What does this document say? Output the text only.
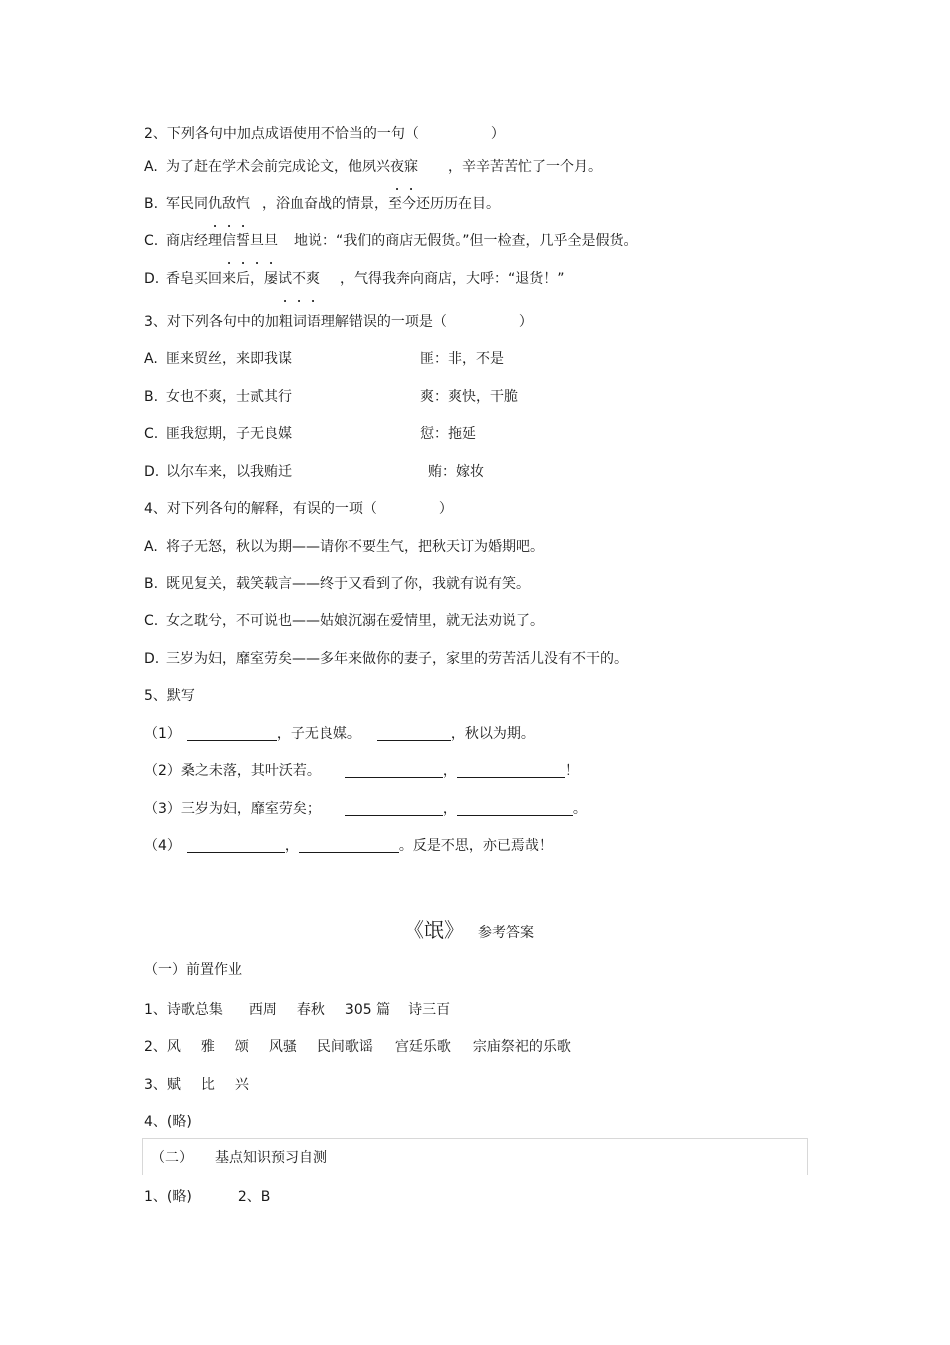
2、下列各句中加点成语使用不恰当的一句（	）
A. 为了赶在学术会前完成论文，他夙兴夜寐 ，辛辛苦苦忙了一个月。
B. 军民同仇敌忾 ，浴血奋战的情景，至今还历历在目。
C. 商店经理信誓旦旦 地说：“我们的商店无假货。”但一检查，几乎全是假货。
D. 香皂买回来后，屡试不爽 ，气得我奔向商店，大呼：“退货！”
3、对下列各句中的加粗词语理解错误的一项是（	）
A. 匪来贸丝，来即我谋	匪：非，不是
B. 女也不爽，士贰其行	爽：爽快，干脆
C. 匪我愆期，子无良媒	愆：拖延
D. 以尔车来，以我贿迁	贿：嫁妆
4、对下列各句的解释，有误的一项（	）
A. 将子无怒，秋以为期——请你不要生气，把秋天订为婚期吧。
B. 既见复关，载笑载言——终于又看到了你，我就有说有笑。
C. 女之耽兮，不可说也——姑娘沉溺在爱情里，就无法劝说了。
D. 三岁为妇，靡室劳矣——多年来做你的妻子，家里的劳苦活儿没有不干的。
5、默写
（1）	，子无良媒。	，秋以为期。
（2）桑之未落，其叶沃若。	，	！
（3）三岁为妇，靡室劳矣；	，	。
（4）	，	。反是不思，亦已焉哉！
《氓》 参考答案
（一）前置作业
1、诗歌总集 西周 春秋 305 篇 诗三百
2、风 雅 颂 风骚 民间歌谣 宫廷乐歌 宗庙祭祀的乐歌
3、赋 比 兴
4、(略)
（二） 基点知识预习自测
1、(略)	2、B
